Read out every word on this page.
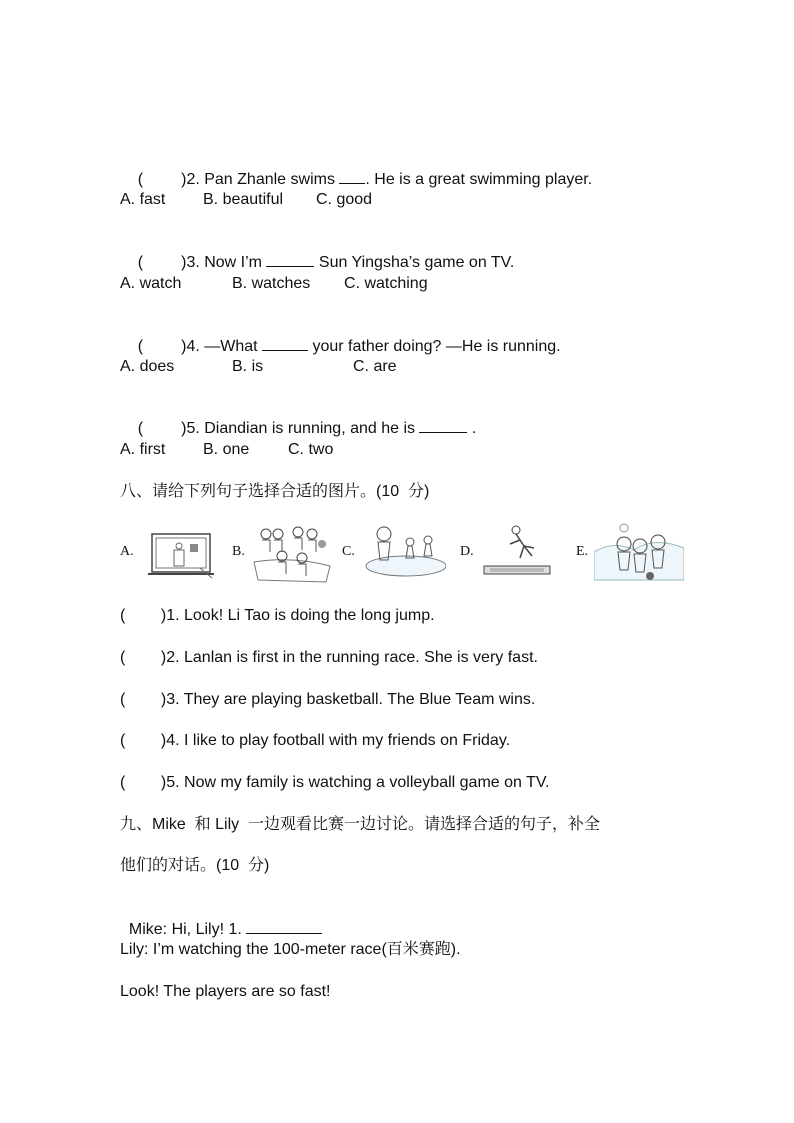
( )2. Pan Zhanle swims . He is a great swimming player.

A. fast B. beautiful C. good

( )3. Now I’m	Sun Yingsha’s game on TV.

A. watch	B. watches C. watching

( )4. —What	your father doing? —He is running.

A. does	B. is	C. are

( )5. Diandian is running, and he is	.

A. first B. one C. two
八、请给下列句子选择合适的图片。(10  分)
A.	B.	C.	D.	E.
(        )1. Look! Li Tao is doing the long jump.
(        )2. Lanlan is first in the running race. She is very fast.
(        )3. They are playing basketball. The Blue Team wins.
(        )4. I like to play football with my friends on Friday.
(        )5. Now my family is watching a volleyball game on TV.
九、Mike  和 Lily  一边观看比赛一边讨论。请选择合适的句子，补全
他们的对话。(10  分)

Mike: Hi, Lily! 1.

Lily: I’m watching the 100-meter race(百米赛跑).
Look! The players are so fast!
